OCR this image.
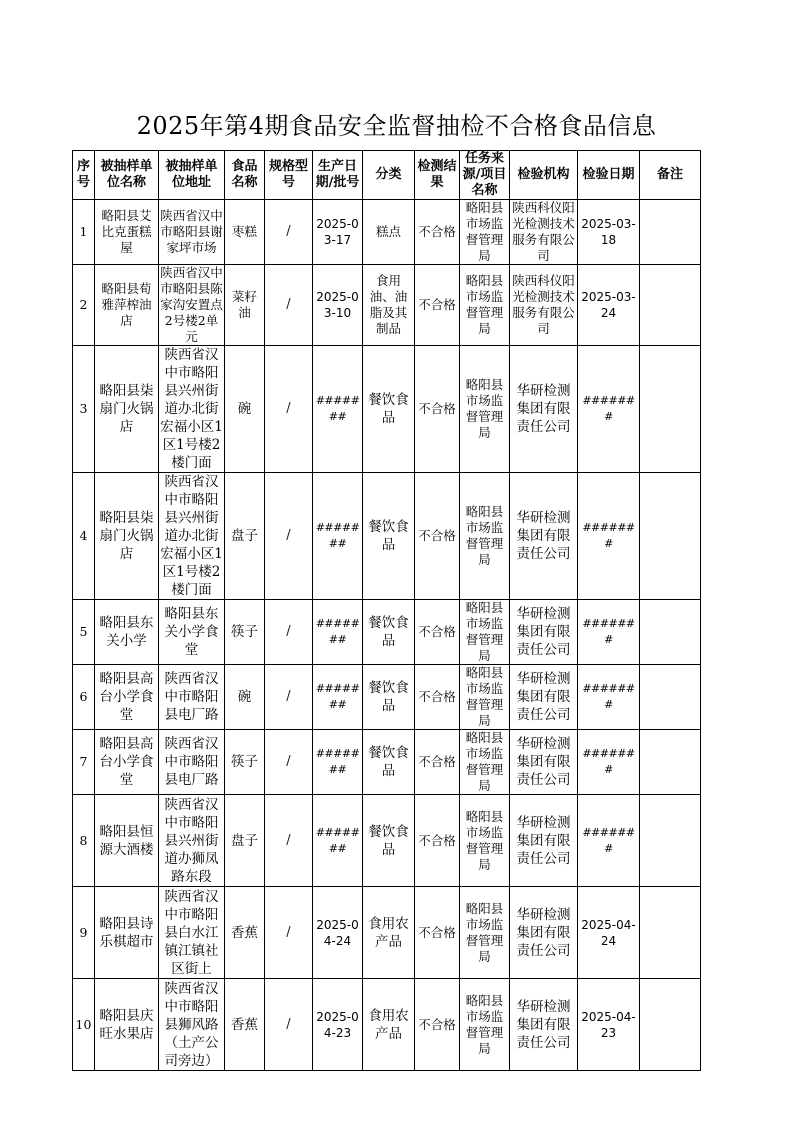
2025年第4期食品安全监督抽检不合格食品信息
序号	被抽样单位名称	被抽样单位地址	食品名称	规格型号	生产日期/批号	分类	检测结果	任务来源/项目名称	检验机构	检验日期	备注
1	略阳县艾比克蛋糕屋	陕西省汉中市略阳县谢家坪市场	枣糕	/	2025-03-17	糕点	不合格	略阳县市场监督管理局	陕西科仪阳光检测技术服务有限公司	2025-03-18	
2	略阳县荀雅萍榨油店	陕西省汉中市略阳县陈家沟安置点2号楼2单元	菜籽油	/	2025-03-10	食用油、油脂及其制品	不合格	略阳县市场监督管理局	陕西科仪阳光检测技术服务有限公司	2025-03-24	
3	略阳县柒扇门火锅店	陕西省汉中市略阳县兴州街道办北街宏福小区1区1号楼2楼门面	碗	/	#######	餐饮食品	不合格	略阳县市场监督管理局	华研检测集团有限责任公司	#######	
4	略阳县柒扇门火锅店	陕西省汉中市略阳县兴州街道办北街宏福小区1区1号楼2楼门面	盘子	/	#######	餐饮食品	不合格	略阳县市场监督管理局	华研检测集团有限责任公司	#######	
5	略阳县东关小学	略阳县东关小学食堂	筷子	/	#######	餐饮食品	不合格	略阳县市场监督管理局	华研检测集团有限责任公司	#######	
6	略阳县高台小学食堂	陕西省汉中市略阳县电厂路	碗	/	#######	餐饮食品	不合格	略阳县市场监督管理局	华研检测集团有限责任公司	#######	
7	略阳县高台小学食堂	陕西省汉中市略阳县电厂路	筷子	/	#######	餐饮食品	不合格	略阳县市场监督管理局	华研检测集团有限责任公司	#######	
8	略阳县恒源大酒楼	陕西省汉中市略阳县兴州街道办狮凤路东段	盘子	/	#######	餐饮食品	不合格	略阳县市场监督管理局	华研检测集团有限责任公司	#######	
9	略阳县诗乐棋超市	陕西省汉中市略阳县白水江镇江镇社区街上	香蕉	/	2025-04-24	食用农产品	不合格	略阳县市场监督管理局	华研检测集团有限责任公司	2025-04-24	
10	略阳县庆旺水果店	陕西省汉中市略阳县狮风路（土产公司旁边）	香蕉	/	2025-04-23	食用农产品	不合格	略阳县市场监督管理局	华研检测集团有限责任公司	2025-04-23	
